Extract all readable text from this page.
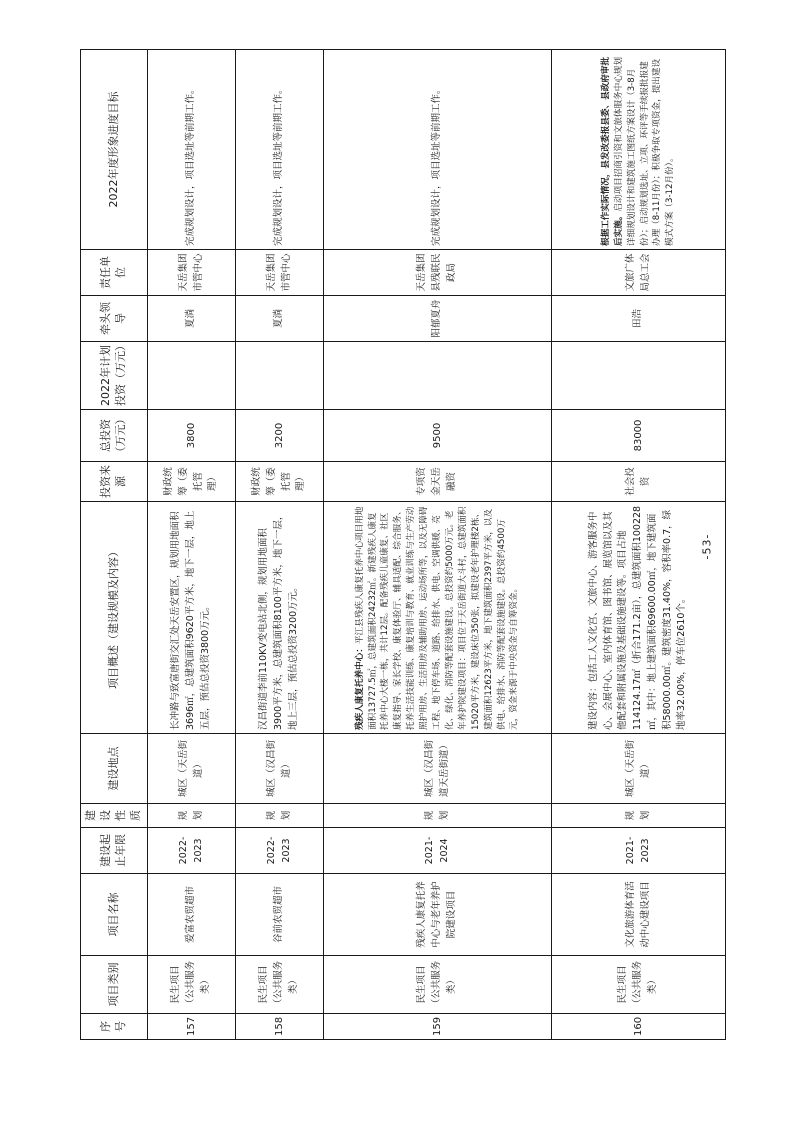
序号	项目类别	项目名称	建设起止年限	建设性质	建设地点	项目概述（建设规模及内容）	投资来源	总投资（万元）	2022年计划投资（万元）	牵头领导	责任单位	2022年度形象进度目标
157	民生项目（公共服务类）	爱富农贸超市	2022-2023	规划	城区（天岳街道）	长冲路与致富唐街交汇处天岳安置区，规划用地面积3696㎡，总建筑面积9620平方米，地下一层，地上五层，预估总投资3800万元。	财政统筹（委托管理）	3800		夏淌	天岳集团市管中心	完成规划设计，项目选址等前期工作。
158	民生项目（公共服务类）	谷前农贸超市	2022-2023	规划	城区（汉昌街道）	汉昌街道李前110KV变电站北侧，规划用地面积3900平方米，总建筑面积8100平方米，地下一层，地上三层，预估总投资3200万元。	财政统筹（委托管理）	3200		夏淌	天岳集团市管中心	完成规划设计，项目选址等前期工作。
159	民生项目（公共服务类）	残疾人康复托养中心与老年养护院建设项目	2021-2024	规划	城区（汉昌街道天岳街道）	残疾人康复托养中心：平江县残疾人康复托养中心项目用地面积13727.5㎡，总建筑面积24232㎡。新建残疾人康复托养中心大楼一栋，共计12层。配备残疾儿童康复、社区康复指导、家长学校、康复体验厅、辅具适配、综合服务、托养生活技能训练、康复培训与教育、就业训练与生产劳动照护用房、生活用房及辅助用房、运动场所等，以及无障碍工程、地下停车场、道路、给排水、供电、空调供暖、亮化、绿化、消防等配套设施建设。总投资约5000万元。老年养护院建设项目：项目位于天岳街道大斗村，总建筑面积15020平方米，建设床位350张，拟建设老年护理楼2栋、建筑面积12623平方米，地下建筑面积2397平方米，以及供电、给排水、消防等配套设施建设。总投资约4500万元，资金来源于中央资金与自筹资金。	专项资金天岳融资	9500		阳郁夏舟	天岳集团县残联民政局	完成规划设计，项目选址等前期工作。
160	民生项目（公共服务类）	文化旅游体育活动中心建设项目	2021-2023	规划	城区（天岳街道）	建设内容：包括工人文化宫、文旅中心、游客服务中心、会展中心、室内体育馆、图书馆、展览馆以及其他配套和附属设施及基础设施建设等。项目占地114124.17㎡（折合171.2亩），总建筑面积100228㎡，其中：地上建筑面积69600.00㎡，地下建筑面积58000.00㎡。建筑密度31.40%，容积率0.7，绿地率32.00%，停车位2610个。	社会投资	83000		田浩	文旅广体局总工会	根据工作实际情况，县发改委报县委、县政府审批后实施。启动项目招商引资和文旅体服务中心规划详细规划设计和建筑施工图纸方案设计（3-8月份）；启动规划选址、立项、环评等手续报批报建办理（8-11月份）；积极争取专项资金，提出建设模式方案（3-12月份）。
-53-
